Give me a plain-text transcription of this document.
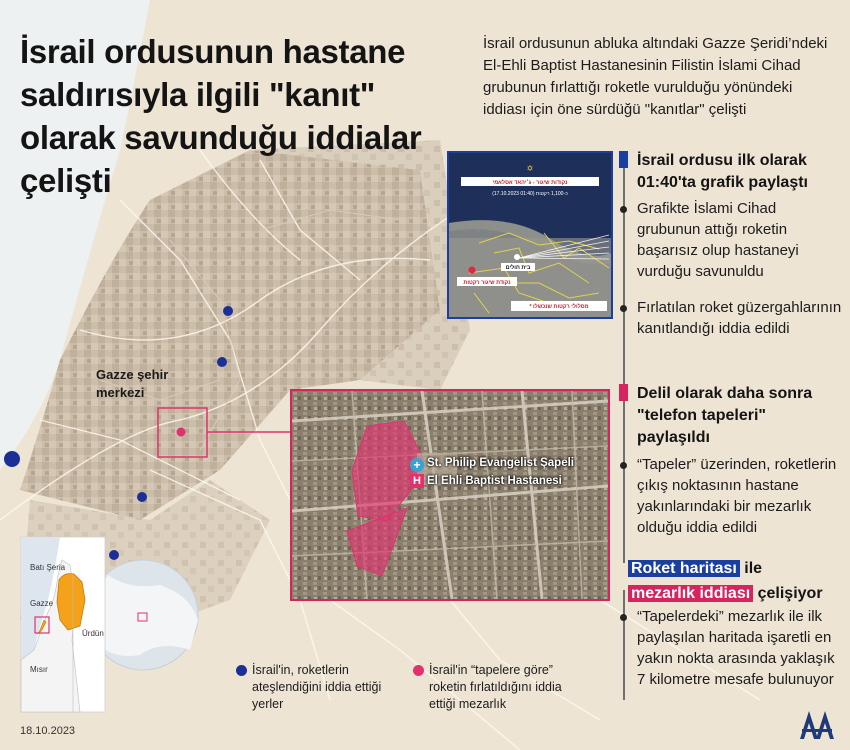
Batı Şeria
Gazze
Ürdün
Mısır
İsrail ordusunun hastane saldırısıyla ilgili "kanıt" olarak savunduğu iddialar çelişti
İsrail ordusunun abluka altındaki Gazze Şeridi’ndeki El-Ehli Baptist Hastanesinin Filistin İslami Cihad grubunun fırlattığı roketle vurulduğu yönündeki iddiası için öne sürdüğü "kanıtlar" çelişti
Gazze şehir merkezi
נקודת שיגור רקטות
בית חולים
✡
נקודות שיגור - ג׳יהאד אסלאמי
כ-1,100 רקטות (01:40 17.10.2023)
* מסלולי רקטות שנכשלו
+
H
St. Philip Evangelist Şapeli
El Ehli Baptist Hastanesi
İsrail ordusu ilk olarak 01:40'ta grafik paylaştı
Grafikte İslami Cihad grubunun attığı roketin başarısız olup hastaneyi vurduğu savunuldu
Fırlatılan roket güzergahlarının kanıtlandığı iddia edildi
Delil olarak daha sonra "telefon tapeleri" paylaşıldı
“Tapeler” üzerinden, roketlerin çıkış noktasının hastane yakınlarındaki bir mezarlık olduğu iddia edildi
Roket haritası ile
mezarlık iddiası çelişiyor
“Tapelerdeki” mezarlık ile ilk paylaşılan haritada işaretli en yakın nokta arasında yaklaşık 7 kilometre mesafe bulunuyor
İsrail'in, roketlerin ateşlendiğini iddia ettiği yerler
İsrail'in “tapelere göre” roketin fırlatıldığını iddia ettiği mezarlık
18.10.2023
